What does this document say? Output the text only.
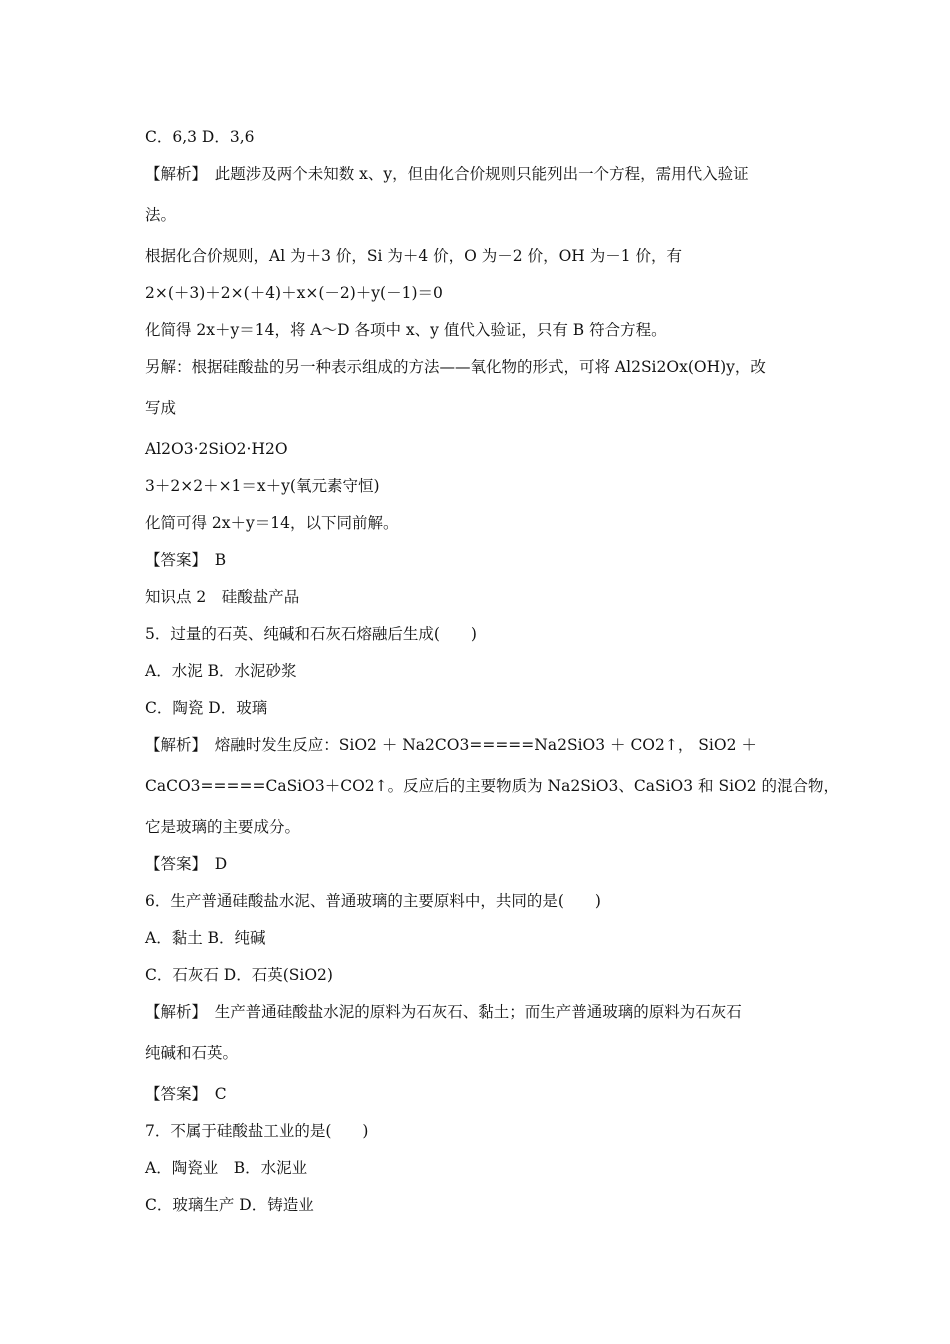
C．6,3 D．3,6
【解析】　此题涉及两个未知数 x、y，但由化合价规则只能列出一个方程，需用代入验证
法。
根据化合价规则，Al 为＋3 价，Si 为＋4 价，O 为－2 价，OH 为－1 价，有
2×(＋3)＋2×(＋4)＋x×(－2)＋y(－1)＝0
化简得 2x＋y＝14，将 A～D 各项中 x、y 值代入验证，只有 B 符合方程。
另解：根据硅酸盐的另一种表示组成的方法——氧化物的形式，可将 Al2Si2Ox(OH)y，改
写成
Al2O3·2SiO2·H2O
3＋2×2＋×1＝x＋y(氧元素守恒)
化简可得 2x＋y＝14，以下同前解。
【答案】　B
知识点 2　硅酸盐产品
5．过量的石英、纯碱和石灰石熔融后生成(　　)
A．水泥 B．水泥砂浆
C．陶瓷 D．玻璃
【解析】　熔融时发生反应：SiO2 ＋ Na2CO3=====Na2SiO3 ＋ CO2↑， SiO2 ＋
CaCO3=====CaSiO3＋CO2↑。反应后的主要物质为 Na2SiO3、CaSiO3 和 SiO2 的混合物，
它是玻璃的主要成分。
【答案】　D
6．生产普通硅酸盐水泥、普通玻璃的主要原料中，共同的是(　　)
A．黏土 B．纯碱
C．石灰石 D．石英(SiO2)
【解析】　生产普通硅酸盐水泥的原料为石灰石、黏土；而生产普通玻璃的原料为石灰石
纯碱和石英。
【答案】　C
7．不属于硅酸盐工业的是(　　)
A．陶瓷业　B．水泥业
C．玻璃生产 D．铸造业
